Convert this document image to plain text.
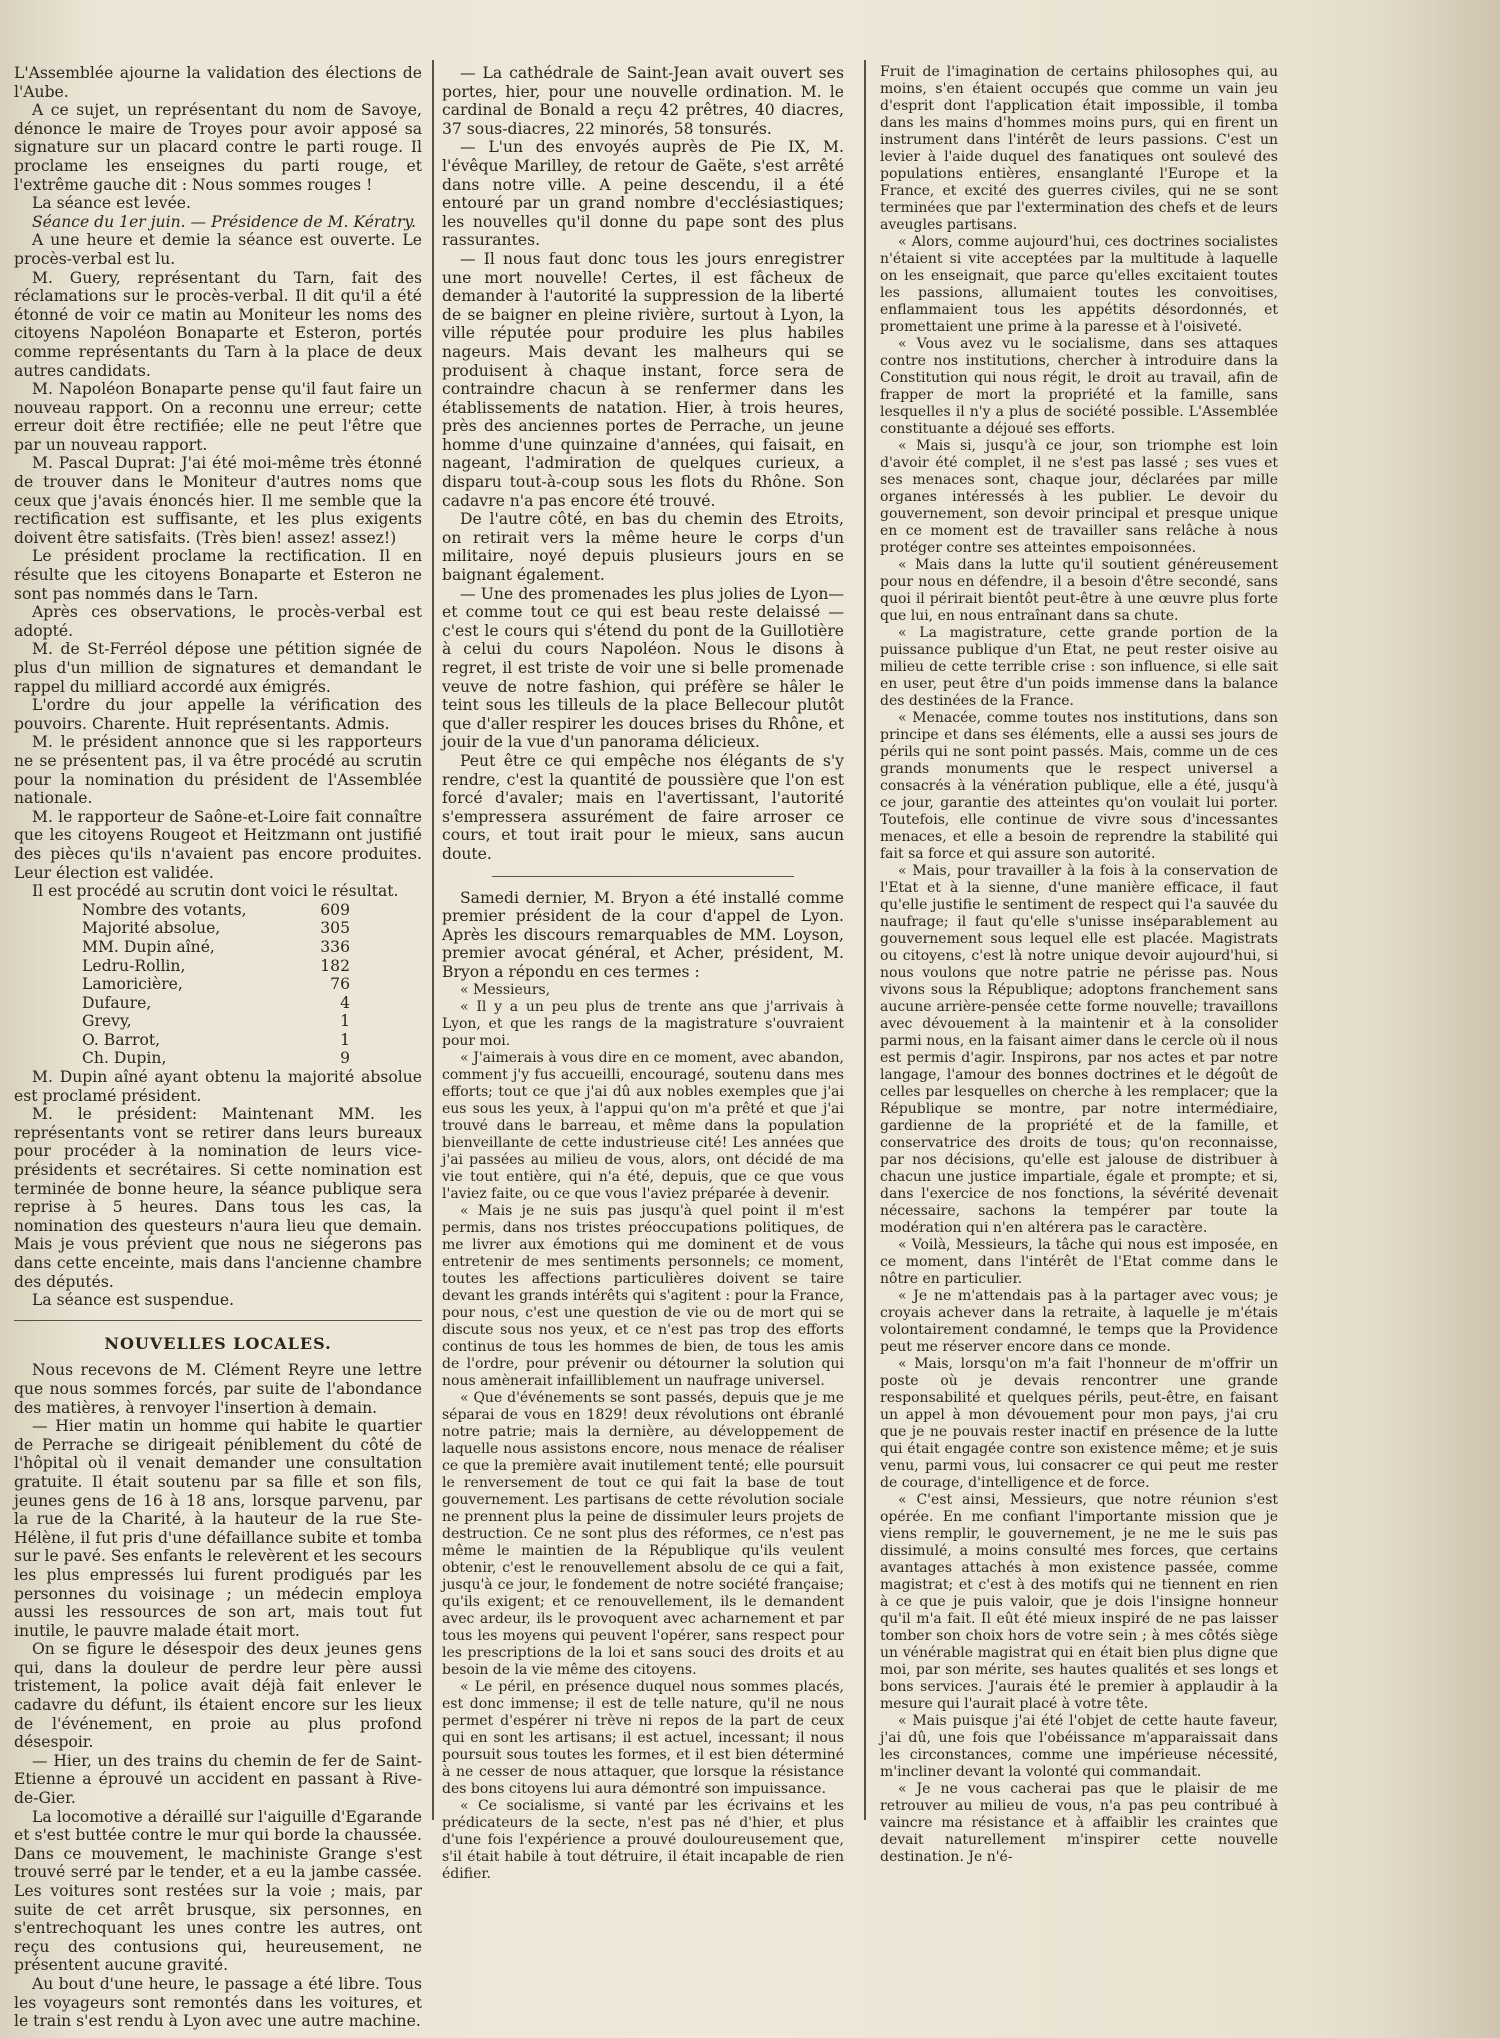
L'Assemblée ajourne la validation des élections de l'Aube.

A ce sujet, un représentant du nom de Savoye, dénonce le maire de Troyes pour avoir apposé sa signature sur un placard contre le parti rouge. Il proclame les enseignes du parti rouge, et l'extrême gauche dit : Nous sommes rouges !

La séance est levée.

Séance du 1er juin. — Présidence de M. Kératry.

A une heure et demie la séance est ouverte. Le procès-verbal est lu.

M. Guery, représentant du Tarn, fait des réclamations sur le procès-verbal. Il dit qu'il a été étonné de voir ce matin au Moniteur les noms des citoyens Napoléon Bonaparte et Esteron, portés comme représentants du Tarn à la place de deux autres candidats.

M. Napoléon Bonaparte pense qu'il faut faire un nouveau rapport. On a reconnu une erreur; cette erreur doit être rectifiée; elle ne peut l'être que par un nouveau rapport.

M. Pascal Duprat: J'ai été moi-même très étonné de trouver dans le Moniteur d'autres noms que ceux que j'avais énoncés hier. Il me semble que la rectification est suffisante, et les plus exigents doivent être satisfaits. (Très bien! assez! assez!)

Le président proclame la rectification. Il en résulte que les citoyens Bonaparte et Esteron ne sont pas nommés dans le Tarn.

Après ces observations, le procès-verbal est adopté.

M. de St-Ferréol dépose une pétition signée de plus d'un million de signatures et demandant le rappel du milliard accordé aux émigrés.

L'ordre du jour appelle la vérification des pouvoirs. Charente. Huit représentants. Admis.

M. le président annonce que si les rapporteurs ne se présentent pas, il va être procédé au scrutin pour la nomination du président de l'Assemblée nationale.

M. le rapporteur de Saône-et-Loire fait connaître que les citoyens Rougeot et Heitzmann ont justifié des pièces qu'ils n'avaient pas encore produites. Leur élection est validée.

Il est procédé au scrutin dont voici le résultat.

Nombre des votants,	609
Majorité absolue,	305
MM. Dupin aîné,	336
Ledru-Rollin,	182
Lamoricière,	76
Dufaure,	4
Grevy,	1
O. Barrot,	1
Ch. Dupin,	9

M. Dupin aîné ayant obtenu la majorité absolue est proclamé président.

M. le président: Maintenant MM. les représentants vont se retirer dans leurs bureaux pour procéder à la nomination de leurs vice-présidents et secrétaires. Si cette nomination est terminée de bonne heure, la séance publique sera reprise à 5 heures. Dans tous les cas, la nomination des questeurs n'aura lieu que demain. Mais je vous prévient que nous ne siégerons pas dans cette enceinte, mais dans l'ancienne chambre des députés.

La séance est suspendue.

NOUVELLES LOCALES.

Nous recevons de M. Clément Reyre une lettre que nous sommes forcés, par suite de l'abondance des matières, à renvoyer l'insertion à demain.

— Hier matin un homme qui habite le quartier de Perrache se dirigeait péniblement du côté de l'hôpital où il venait demander une consultation gratuite. Il était soutenu par sa fille et son fils, jeunes gens de 16 à 18 ans, lorsque parvenu, par la rue de la Charité, à la hauteur de la rue Ste-Hélène, il fut pris d'une défaillance subite et tomba sur le pavé. Ses enfants le relevèrent et les secours les plus empressés lui furent prodigués par les personnes du voisinage ; un médecin employa aussi les ressources de son art, mais tout fut inutile, le pauvre malade était mort.

On se figure le désespoir des deux jeunes gens qui, dans la douleur de perdre leur père aussi tristement, la police avait déjà fait enlever le cadavre du défunt, ils étaient encore sur les lieux de l'événement, en proie au plus profond désespoir.

— Hier, un des trains du chemin de fer de Saint-Etienne a éprouvé un accident en passant à Rive-de-Gier.

La locomotive a déraillé sur l'aiguille d'Egarande et s'est buttée contre le mur qui borde la chaussée. Dans ce mouvement, le machiniste Grange s'est trouvé serré par le tender, et a eu la jambe cassée. Les voitures sont restées sur la voie ; mais, par suite de cet arrêt brusque, six personnes, en s'entrechoquant les unes contre les autres, ont reçu des contusions qui, heureusement, ne présentent aucune gravité.

Au bout d'une heure, le passage a été libre. Tous les voyageurs sont remontés dans les voitures, et le train s'est rendu à Lyon avec une autre machine.

— La cathédrale de Saint-Jean avait ouvert ses portes, hier, pour une nouvelle ordination. M. le cardinal de Bonald a reçu 42 prêtres, 40 diacres, 37 sous-diacres, 22 minorés, 58 tonsurés.

— L'un des envoyés auprès de Pie IX, M. l'évêque Marilley, de retour de Gaëte, s'est arrêté dans notre ville. A peine descendu, il a été entouré par un grand nombre d'ecclésiastiques; les nouvelles qu'il donne du pape sont des plus rassurantes.

— Il nous faut donc tous les jours enregistrer une mort nouvelle! Certes, il est fâcheux de demander à l'autorité la suppression de la liberté de se baigner en pleine rivière, surtout à Lyon, la ville réputée pour produire les plus habiles nageurs. Mais devant les malheurs qui se produisent à chaque instant, force sera de contraindre chacun à se renfermer dans les établissements de natation. Hier, à trois heures, près des anciennes portes de Perrache, un jeune homme d'une quinzaine d'années, qui faisait, en nageant, l'admiration de quelques curieux, a disparu tout-à-coup sous les flots du Rhône. Son cadavre n'a pas encore été trouvé.

De l'autre côté, en bas du chemin des Etroits, on retirait vers la même heure le corps d'un militaire, noyé depuis plusieurs jours en se baignant également.

— Une des promenades les plus jolies de Lyon— et comme tout ce qui est beau reste delaissé — c'est le cours qui s'étend du pont de la Guillotière à celui du cours Napoléon. Nous le disons à regret, il est triste de voir une si belle promenade veuve de notre fashion, qui préfère se hâler le teint sous les tilleuls de la place Bellecour plutôt que d'aller respirer les douces brises du Rhône, et jouir de la vue d'un panorama délicieux.

Peut être ce qui empêche nos élégants de s'y rendre, c'est la quantité de poussière que l'on est forcé d'avaler; mais en l'avertissant, l'autorité s'empressera assurément de faire arroser ce cours, et tout irait pour le mieux, sans aucun doute.

Samedi dernier, M. Bryon a été installé comme premier président de la cour d'appel de Lyon. Après les discours remarquables de MM. Loyson, premier avocat général, et Acher, président, M. Bryon a répondu en ces termes :

« Messieurs,

« Il y a un peu plus de trente ans que j'arrivais à Lyon, et que les rangs de la magistrature s'ouvraient pour moi.

« J'aimerais à vous dire en ce moment, avec abandon, comment j'y fus accueilli, encouragé, soutenu dans mes efforts; tout ce que j'ai dû aux nobles exemples que j'ai eus sous les yeux, à l'appui qu'on m'a prêté et que j'ai trouvé dans le barreau, et même dans la population bienveillante de cette industrieuse cité! Les années que j'ai passées au milieu de vous, alors, ont décidé de ma vie tout entière, qui n'a été, depuis, que ce que vous l'aviez faite, ou ce que vous l'aviez préparée à devenir.

« Mais je ne suis pas jusqu'à quel point il m'est permis, dans nos tristes préoccupations politiques, de me livrer aux émotions qui me dominent et de vous entretenir de mes sentiments personnels; ce moment, toutes les affections particulières doivent se taire devant les grands intérêts qui s'agitent : pour la France, pour nous, c'est une question de vie ou de mort qui se discute sous nos yeux, et ce n'est pas trop des efforts continus de tous les hommes de bien, de tous les amis de l'ordre, pour prévenir ou détourner la solution qui nous amènerait infailliblement un naufrage universel.

« Que d'événements se sont passés, depuis que je me séparai de vous en 1829! deux révolutions ont ébranlé notre patrie; mais la dernière, au développement de laquelle nous assistons encore, nous menace de réaliser ce que la première avait inutilement tenté; elle poursuit le renversement de tout ce qui fait la base de tout gouvernement. Les partisans de cette révolution sociale ne prennent plus la peine de dissimuler leurs projets de destruction. Ce ne sont plus des réformes, ce n'est pas même le maintien de la République qu'ils veulent obtenir, c'est le renouvellement absolu de ce qui a fait, jusqu'à ce jour, le fondement de notre société française; qu'ils exigent; et ce renouvellement, ils le demandent avec ardeur, ils le provoquent avec acharnement et par tous les moyens qui peuvent l'opérer, sans respect pour les prescriptions de la loi et sans souci des droits et au besoin de la vie même des citoyens.

« Le péril, en présence duquel nous sommes placés, est donc immense; il est de telle nature, qu'il ne nous permet d'espérer ni trève ni repos de la part de ceux qui en sont les artisans; il est actuel, incessant; il nous poursuit sous toutes les formes, et il est bien déterminé à ne cesser de nous attaquer, que lorsque la résistance des bons citoyens lui aura démontré son impuissance.

« Ce socialisme, si vanté par les écrivains et les prédicateurs de la secte, n'est pas né d'hier, et plus d'une fois l'expérience a prouvé douloureusement que, s'il était habile à tout détruire, il était incapable de rien édifier.

Fruit de l'imagination de certains philosophes qui, au moins, s'en étaient occupés que comme un vain jeu d'esprit dont l'application était impossible, il tomba dans les mains d'hommes moins purs, qui en firent un instrument dans l'intérêt de leurs passions. C'est un levier à l'aide duquel des fanatiques ont soulevé des populations entières, ensanglanté l'Europe et la France, et excité des guerres civiles, qui ne se sont terminées que par l'extermination des chefs et de leurs aveugles partisans.

« Alors, comme aujourd'hui, ces doctrines socialistes n'étaient si vite acceptées par la multitude à laquelle on les enseignait, que parce qu'elles excitaient toutes les passions, allumaient toutes les convoitises, enflammaient tous les appétits désordonnés, et promettaient une prime à la paresse et à l'oisiveté.

« Vous avez vu le socialisme, dans ses attaques contre nos institutions, chercher à introduire dans la Constitution qui nous régit, le droit au travail, afin de frapper de mort la propriété et la famille, sans lesquelles il n'y a plus de société possible. L'Assemblée constituante a déjoué ses efforts.

« Mais si, jusqu'à ce jour, son triomphe est loin d'avoir été complet, il ne s'est pas lassé ; ses vues et ses menaces sont, chaque jour, déclarées par mille organes intéressés à les publier. Le devoir du gouvernement, son devoir principal et presque unique en ce moment est de travailler sans relâche à nous protéger contre ses atteintes empoisonnées.

« Mais dans la lutte qu'il soutient généreusement pour nous en défendre, il a besoin d'être secondé, sans quoi il périrait bientôt peut-être à une œuvre plus forte que lui, en nous entraînant dans sa chute.

« La magistrature, cette grande portion de la puissance publique d'un Etat, ne peut rester oisive au milieu de cette terrible crise : son influence, si elle sait en user, peut être d'un poids immense dans la balance des destinées de la France.

« Menacée, comme toutes nos institutions, dans son principe et dans ses éléments, elle a aussi ses jours de périls qui ne sont point passés. Mais, comme un de ces grands monuments que le respect universel a consacrés à la vénération publique, elle a été, jusqu'à ce jour, garantie des atteintes qu'on voulait lui porter. Toutefois, elle continue de vivre sous d'incessantes menaces, et elle a besoin de reprendre la stabilité qui fait sa force et qui assure son autorité.

« Mais, pour travailler à la fois à la conservation de l'Etat et à la sienne, d'une manière efficace, il faut qu'elle justifie le sentiment de respect qui l'a sauvée du naufrage; il faut qu'elle s'unisse inséparablement au gouvernement sous lequel elle est placée. Magistrats ou citoyens, c'est là notre unique devoir aujourd'hui, si nous voulons que notre patrie ne périsse pas. Nous vivons sous la République; adoptons franchement sans aucune arrière-pensée cette forme nouvelle; travaillons avec dévouement à la maintenir et à la consolider parmi nous, en la faisant aimer dans le cercle où il nous est permis d'agir. Inspirons, par nos actes et par notre langage, l'amour des bonnes doctrines et le dégoût de celles par lesquelles on cherche à les remplacer; que la République se montre, par notre intermédiaire, gardienne de la propriété et de la famille, et conservatrice des droits de tous; qu'on reconnaisse, par nos décisions, qu'elle est jalouse de distribuer à chacun une justice impartiale, égale et prompte; et si, dans l'exercice de nos fonctions, la sévérité devenait nécessaire, sachons la tempérer par toute la modération qui n'en altérera pas le caractère.

« Voilà, Messieurs, la tâche qui nous est imposée, en ce moment, dans l'intérêt de l'Etat comme dans le nôtre en particulier.

« Je ne m'attendais pas à la partager avec vous; je croyais achever dans la retraite, à laquelle je m'étais volontairement condamné, le temps que la Providence peut me réserver encore dans ce monde.

« Mais, lorsqu'on m'a fait l'honneur de m'offrir un poste où je devais rencontrer une grande responsabilité et quelques périls, peut-être, en faisant un appel à mon dévouement pour mon pays, j'ai cru que je ne pouvais rester inactif en présence de la lutte qui était engagée contre son existence même; et je suis venu, parmi vous, lui consacrer ce qui peut me rester de courage, d'intelligence et de force.

« C'est ainsi, Messieurs, que notre réunion s'est opérée. En me confiant l'importante mission que je viens remplir, le gouvernement, je ne me le suis pas dissimulé, a moins consulté mes forces, que certains avantages attachés à mon existence passée, comme magistrat; et c'est à des motifs qui ne tiennent en rien à ce que je puis valoir, que je dois l'insigne honneur qu'il m'a fait. Il eût été mieux inspiré de ne pas laisser tomber son choix hors de votre sein ; à mes côtés siège un vénérable magistrat qui en était bien plus digne que moi, par son mérite, ses hautes qualités et ses longs et bons services. J'aurais été le premier à applaudir à la mesure qui l'aurait placé à votre tête.

« Mais puisque j'ai été l'objet de cette haute faveur, j'ai dû, une fois que l'obéissance m'apparaissait dans les circonstances, comme une impérieuse nécessité, m'incliner devant la volonté qui commandait.

« Je ne vous cacherai pas que le plaisir de me retrouver au milieu de vous, n'a pas peu contribué à vaincre ma résistance et à affaiblir les craintes que devait naturellement m'inspirer cette nouvelle destination. Je n'é-
